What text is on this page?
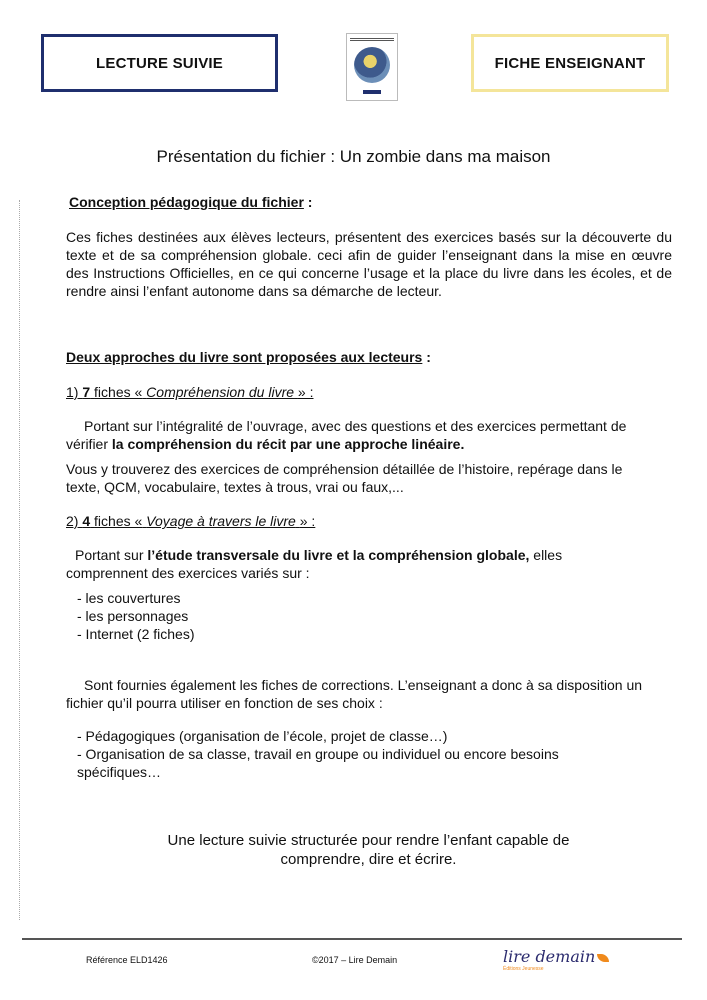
LECTURE SUIVIE	FICHE ENSEIGNANT
Présentation du fichier : Un zombie dans ma maison
Conception pédagogique du fichier :
Ces fiches destinées aux élèves lecteurs, présentent des exercices basés sur la découverte du
texte et de sa compréhension globale. ceci afin de guider l’enseignant dans la mise en œuvre
des Instructions Officielles, en ce qui concerne l’usage et la place du livre dans les écoles, et de
rendre ainsi l’enfant autonome dans sa démarche de lecteur.
Deux approches du livre sont proposées aux lecteurs :
1) 7 fiches « Compréhension du livre » :
Portant sur l’intégralité de l’ouvrage, avec des questions et des exercices permettant de
vérifier la compréhension du récit par une approche linéaire.
Vous y trouverez des exercices de compréhension détaillée de l’histoire, repérage dans le
texte, QCM, vocabulaire, textes à trous, vrai ou faux,...
2) 4 fiches « Voyage à travers le livre » :
Portant sur l’étude transversale du livre et la compréhension globale, elles
comprennent des exercices variés sur :
- les couvertures
- les personnages
- Internet (2 fiches)
Sont fournies également les fiches de corrections. L’enseignant a donc à sa disposition un
fichier qu’il pourra utiliser en fonction de ses choix :
- Pédagogiques (organisation de l’école, projet de classe…)
- Organisation de sa classe, travail en groupe ou individuel ou encore besoins
spécifiques…
Une lecture suivie structurée pour rendre l’enfant capable de
comprendre, dire et écrire.
Référence ELD1426	©2017 – Lire Demain	lire demain
Éditions Jeunesse
